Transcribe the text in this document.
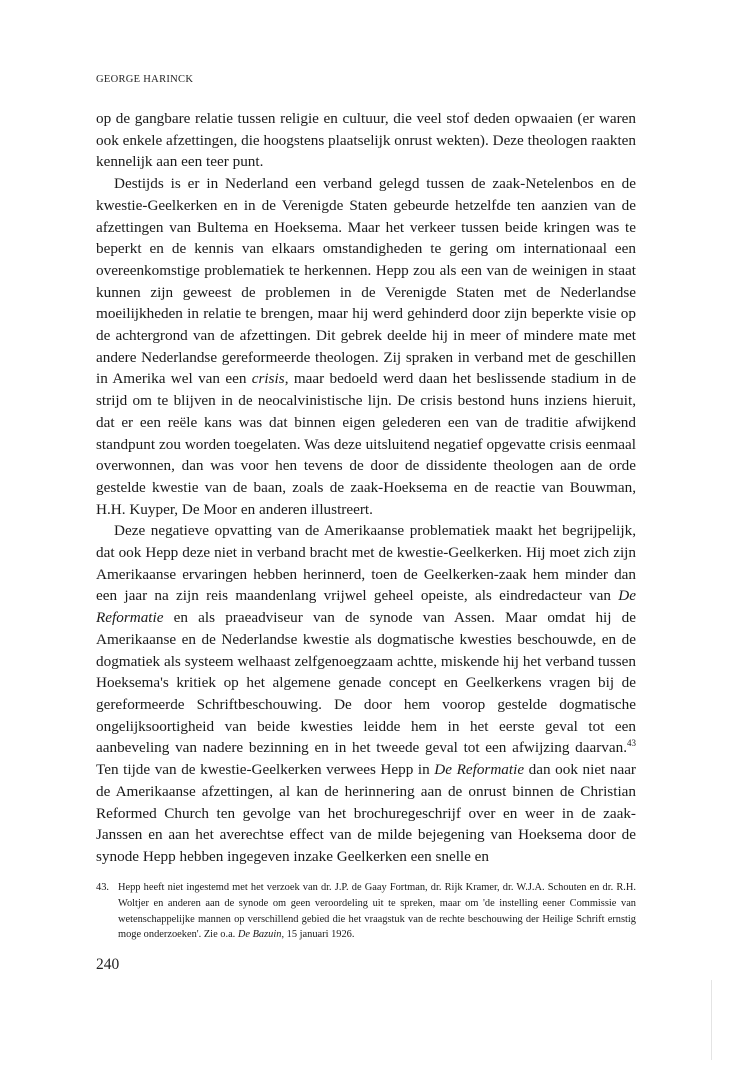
GEORGE HARINCK

op de gangbare relatie tussen religie en cultuur, die veel stof deden opwaaien (er waren ook enkele afzettingen, die hoogstens plaatselijk onrust wekten). Deze theologen raakten kennelijk aan een teer punt.

Destijds is er in Nederland een verband gelegd tussen de zaak-Netelenbos en de kwestie-Geelkerken en in de Verenigde Staten gebeurde hetzelfde ten aanzien van de afzettingen van Bultema en Hoeksema. Maar het verkeer tussen beide kringen was te beperkt en de kennis van elkaars omstandigheden te gering om internationaal een overeenkomstige problematiek te herkennen. Hepp zou als een van de weinigen in staat kunnen zijn geweest de problemen in de Verenigde Staten met de Nederlandse moeilijkheden in relatie te brengen, maar hij werd gehinderd door zijn beperkte visie op de achtergrond van de afzettingen. Dit gebrek deelde hij in meer of mindere mate met andere Nederlandse gereformeerde theologen. Zij spraken in verband met de geschillen in Amerika wel van een crisis, maar bedoeld werd daan het beslissende stadium in de strijd om te blijven in de neocalvinistische lijn. De crisis bestond huns inziens hieruit, dat er een reële kans was dat binnen eigen gelederen een van de traditie afwijkend standpunt zou worden toegelaten. Was deze uitsluitend negatief opgevatte crisis eenmaal overwonnen, dan was voor hen tevens de door de dissidente theologen aan de orde gestelde kwestie van de baan, zoals de zaak-Hoeksema en de reactie van Bouwman, H.H. Kuyper, De Moor en anderen illustreert.

Deze negatieve opvatting van de Amerikaanse problematiek maakt het begrijpelijk, dat ook Hepp deze niet in verband bracht met de kwestie-Geelkerken. Hij moet zich zijn Amerikaanse ervaringen hebben herinnerd, toen de Geelkerken-zaak hem minder dan een jaar na zijn reis maandenlang vrijwel geheel opeiste, als eindredacteur van De Reformatie en als praeadviseur van de synode van Assen. Maar omdat hij de Amerikaanse en de Nederlandse kwestie als dogmatische kwesties beschouwde, en de dogmatiek als systeem welhaast zelfgenoegzaam achtte, miskende hij het verband tussen Hoeksema's kritiek op het algemene genade concept en Geelkerkens vragen bij de gereformeerde Schriftbeschouwing. De door hem voorop gestelde dogmatische ongelijksoortigheid van beide kwesties leidde hem in het eerste geval tot een aanbeveling van nadere bezinning en in het tweede geval tot een afwijzing daarvan.$^{43}$ Ten tijde van de kwestie-Geelkerken verwees Hepp in De Reformatie dan ook niet naar de Amerikaanse afzettingen, al kan de herinnering aan de onrust binnen de Christian Reformed Church ten gevolge van het brochuregeschrijf over en weer in de zaak-Janssen en aan het averechtse effect van de milde bejegening van Hoeksema door de synode Hepp hebben ingegeven inzake Geelkerken een snelle en

43. Hepp heeft niet ingestemd met het verzoek van dr. J.P. de Gaay Fortman, dr. Rijk Kramer, dr. W.J.A. Schouten en dr. R.H. Woltjer en anderen aan de synode om geen veroordeling uit te spreken, maar om 'de instelling eener Commissie van wetenschappelijke mannen op verschillend gebied die het vraagstuk van de rechte beschouwing der Heilige Schrift ernstig moge onderzoeken'. Zie o.a. De Bazuin, 15 januari 1926.
240
